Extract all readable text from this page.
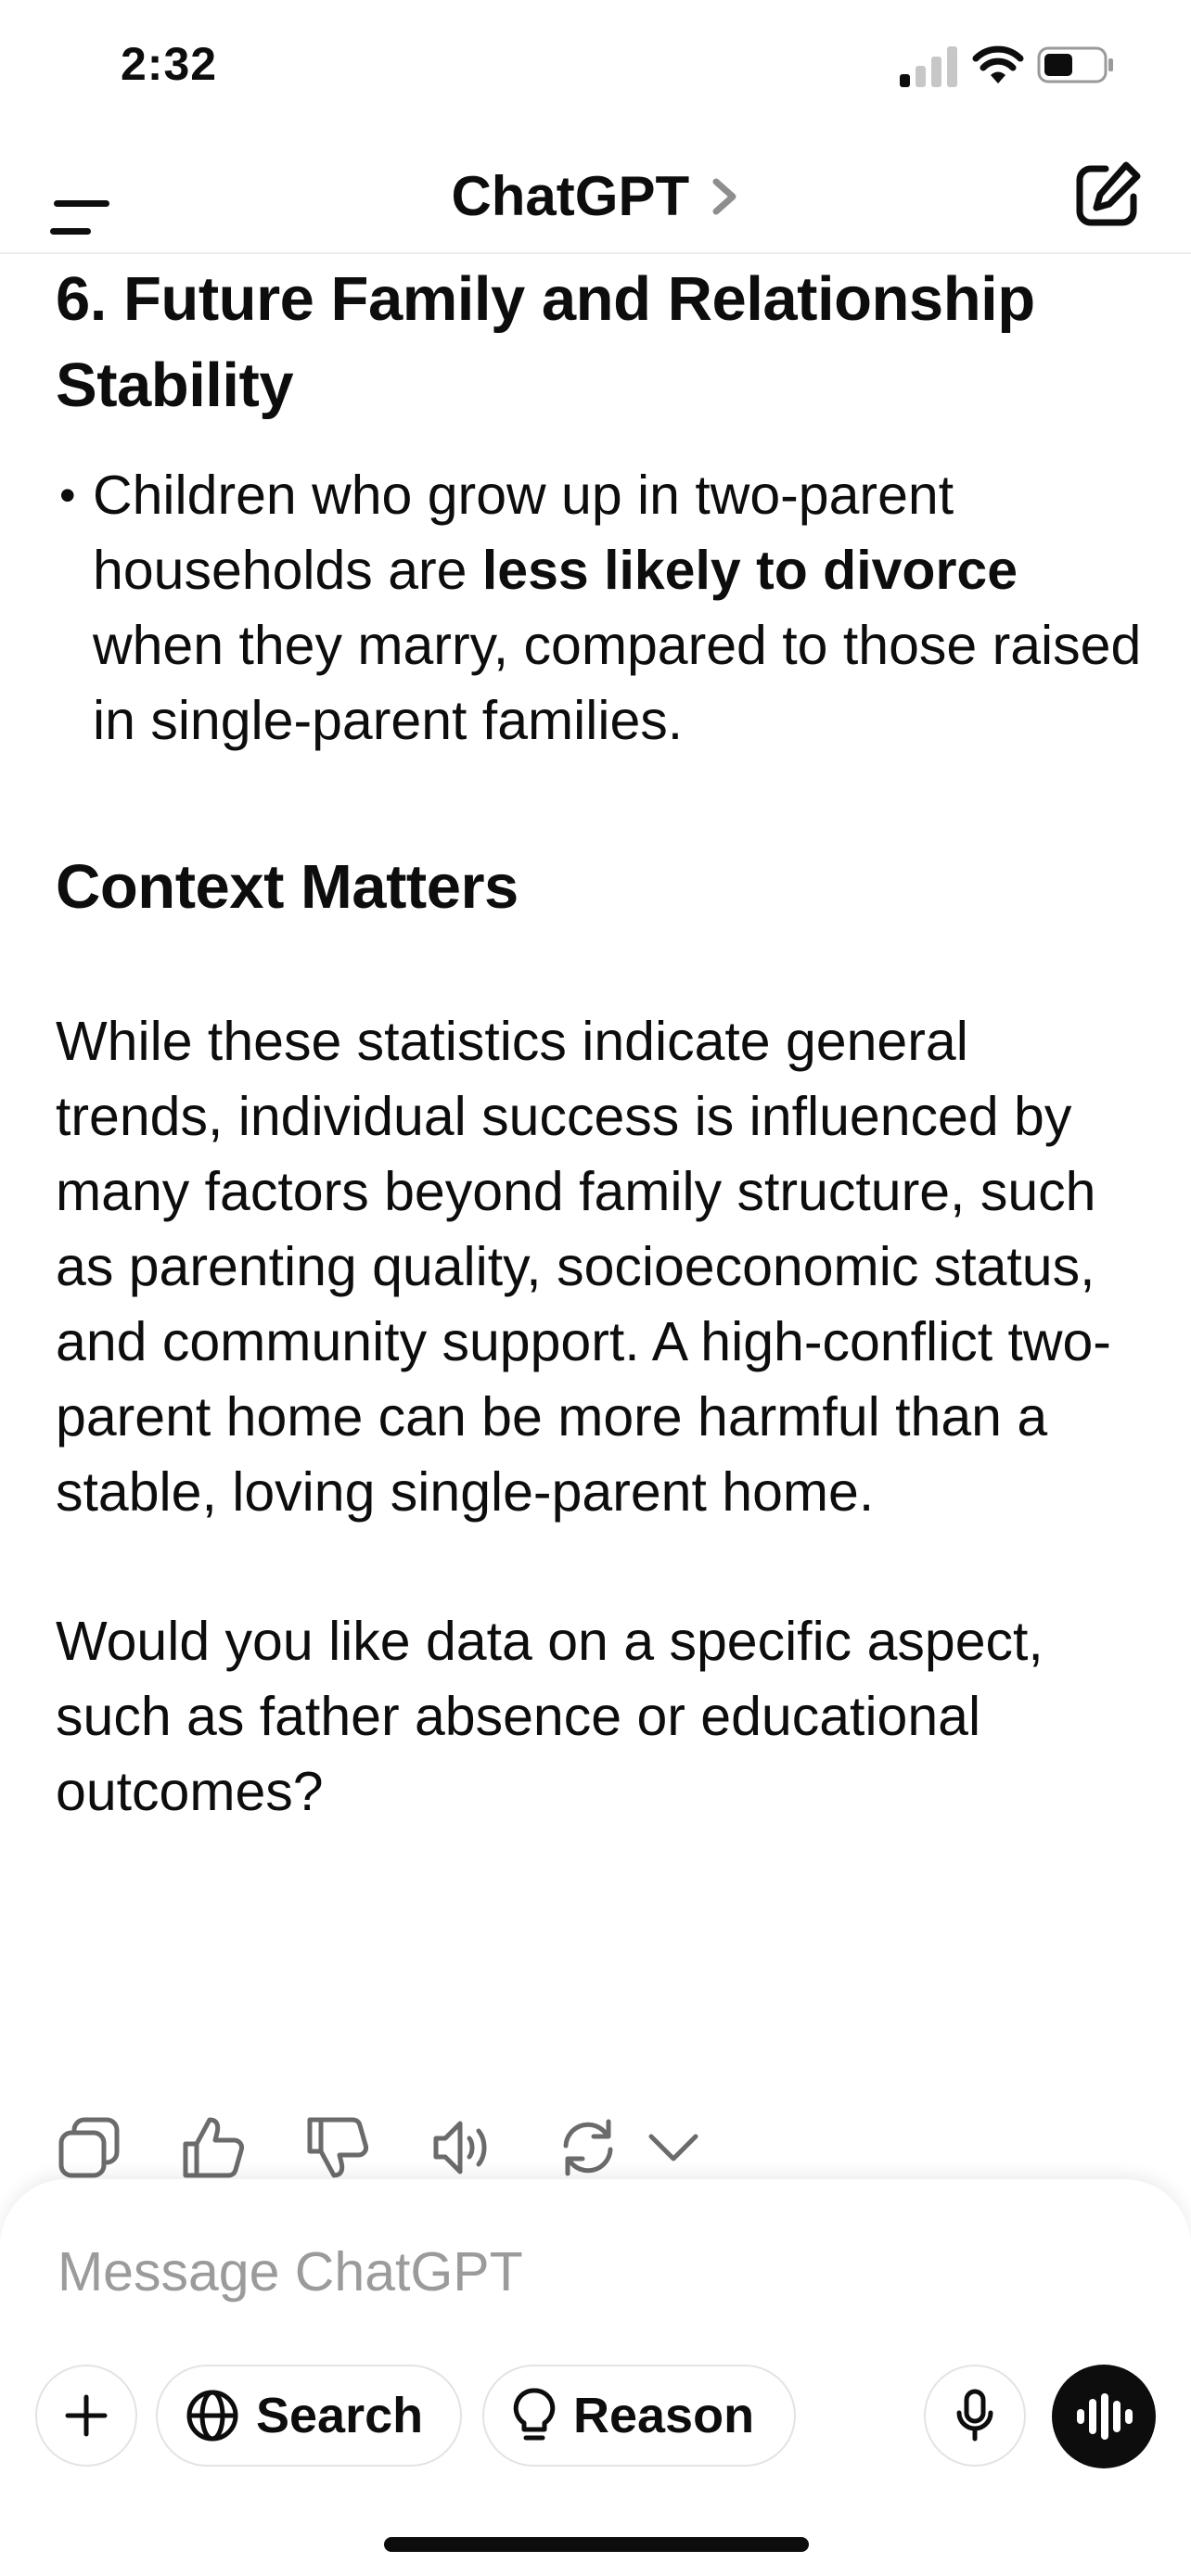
2:32
ChatGPT
6. Future Family and Relationship Stability
• Children who grow up in two-parent households are less likely to divorce when they marry, compared to those raised in single-parent families.
Context Matters
While these statistics indicate general trends, individual success is influenced by many factors beyond family structure, such as parenting quality, socioeconomic status, and community support. A high-conflict two-parent home can be more harmful than a stable, loving single-parent home.
Would you like data on a specific aspect, such as father absence or educational outcomes?
Message ChatGPT
Search	Reason
